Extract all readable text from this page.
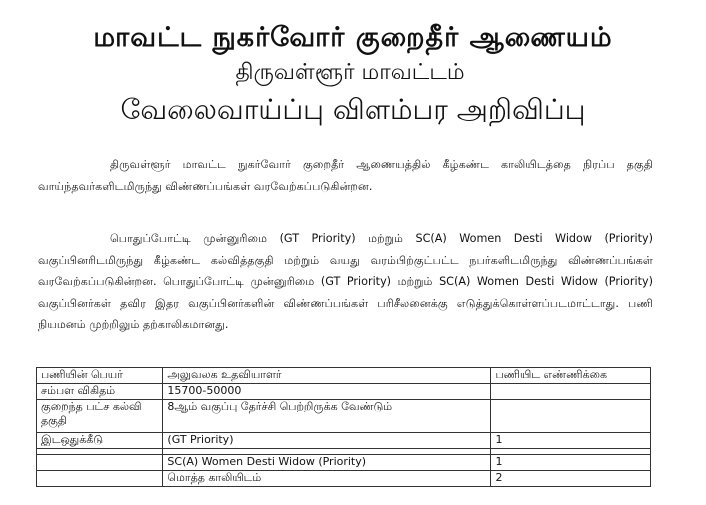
மாவட்ட நுகர்வோர் குறைதீர் ஆணையம்
திருவள்ளூர் மாவட்டம்
வேலைவாய்ப்பு விளம்பர அறிவிப்பு
திருவள்ளூர் மாவட்ட நுகர்வோர் குறைதீர் ஆணையத்தில் கீழ்கண்ட காலியிடத்தை நிரப்ப தகுதி வாய்ந்தவர்களிடமிருந்து விண்ணப்பங்கள் வரவேற்கப்படுகின்றன.
பொதுப்போட்டி முன்னுரிமை (GT Priority) மற்றும் SC(A) Women Desti Widow (Priority) வகுப்பினரிடமிருந்து கீழ்கண்ட கல்வித்தகுதி மற்றும் வயது வரம்பிற்குட்பட்ட நபர்களிடமிருந்து விண்ணப்பங்கள் வரவேற்கப்படுகின்றன. பொதுப்போட்டி முன்னுரிமை (GT Priority) மற்றும் SC(A) Women Desti Widow (Priority) வகுப்பினர்கள் தவிர இதர வகுப்பினர்களின் விண்ணப்பங்கள் பரிசீலனைக்கு எடுத்துக்கொள்ளப்படமாட்டாது. பணி நியமனம் முற்றிலும் தற்காலிகமானது.
பணியின் பெயர்	அலுவலக உதவியாளர்	பணியிட எண்ணிக்கை
சம்பள விகிதம்	15700-50000	
குறைந்த பட்ச கல்வி தகுதி	8ஆம் வகுப்பு தேர்ச்சி பெற்றிருக்க வேண்டும்	
இடஒதுக்கீடு	(GT Priority)	1

	SC(A) Women Desti Widow (Priority)	1
	மொத்த காலியிடம்	2
